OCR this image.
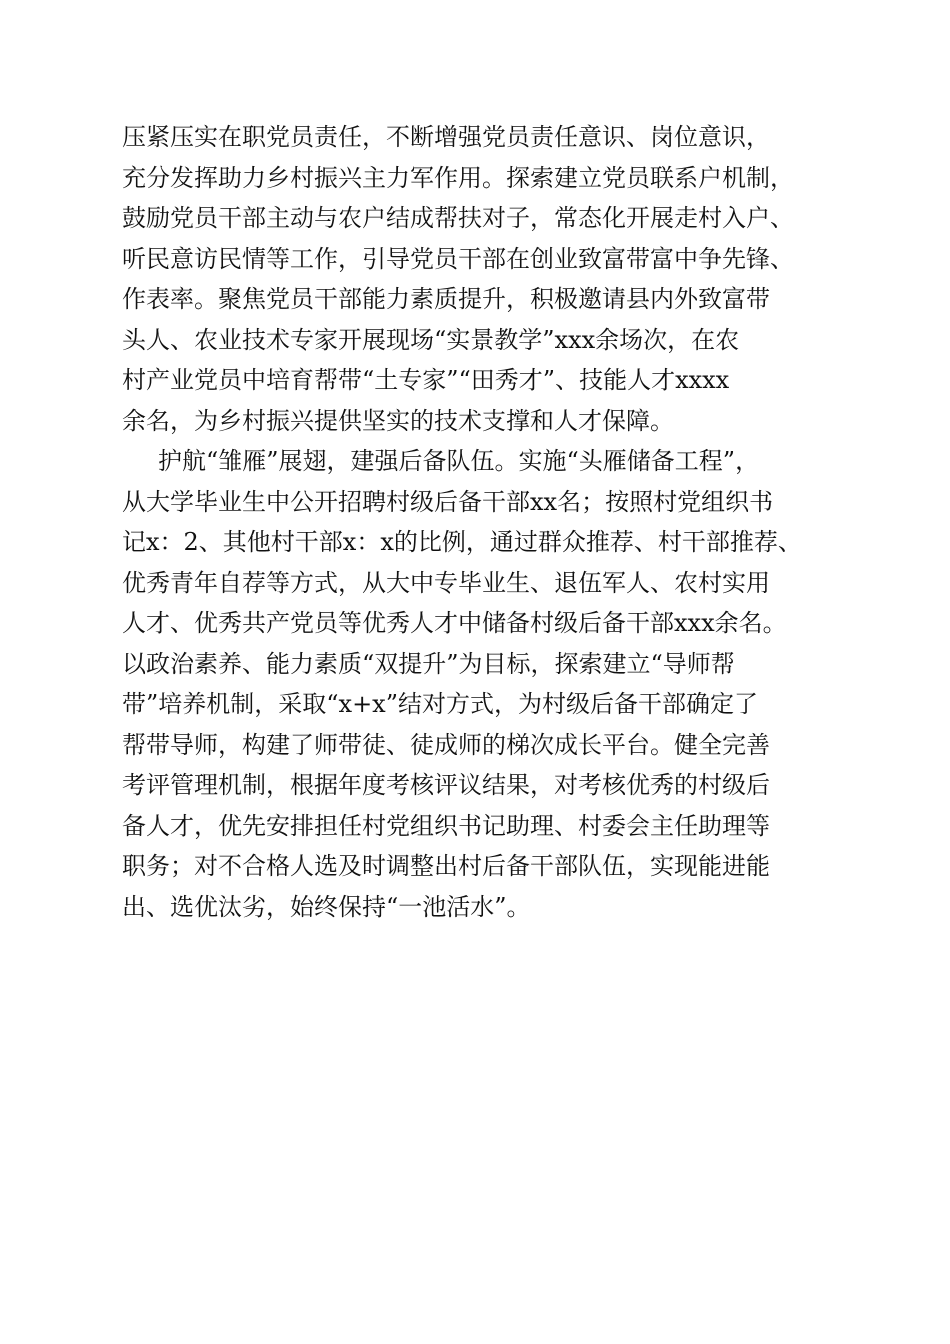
压紧压实在职党员责任，不断增强党员责任意识、岗位意识，
充分发挥助力乡村振兴主力军作用。探索建立党员联系户机制，
鼓励党员干部主动与农户结成帮扶对子，常态化开展走村入户、
听民意访民情等工作，引导党员干部在创业致富带富中争先锋、
作表率。聚焦党员干部能力素质提升，积极邀请县内外致富带
头人、农业技术专家开展现场“实景教学”xxx余场次，在农
村产业党员中培育帮带“土专家”“田秀才”、技能人才xxxx
余名，为乡村振兴提供坚实的技术支撑和人才保障。
护航“雏雁”展翅，建强后备队伍。实施“头雁储备工程”，
从大学毕业生中公开招聘村级后备干部xx名；按照村党组织书
记x：2、其他村干部x：x的比例，通过群众推荐、村干部推荐、
优秀青年自荐等方式，从大中专毕业生、退伍军人、农村实用
人才、优秀共产党员等优秀人才中储备村级后备干部xxx余名。
以政治素养、能力素质“双提升”为目标，探索建立“导师帮
带”培养机制，采取“x+x”结对方式，为村级后备干部确定了
帮带导师，构建了师带徒、徒成师的梯次成长平台。健全完善
考评管理机制，根据年度考核评议结果，对考核优秀的村级后
备人才，优先安排担任村党组织书记助理、村委会主任助理等
职务；对不合格人选及时调整出村后备干部队伍，实现能进能
出、选优汰劣，始终保持“一池活水”。
